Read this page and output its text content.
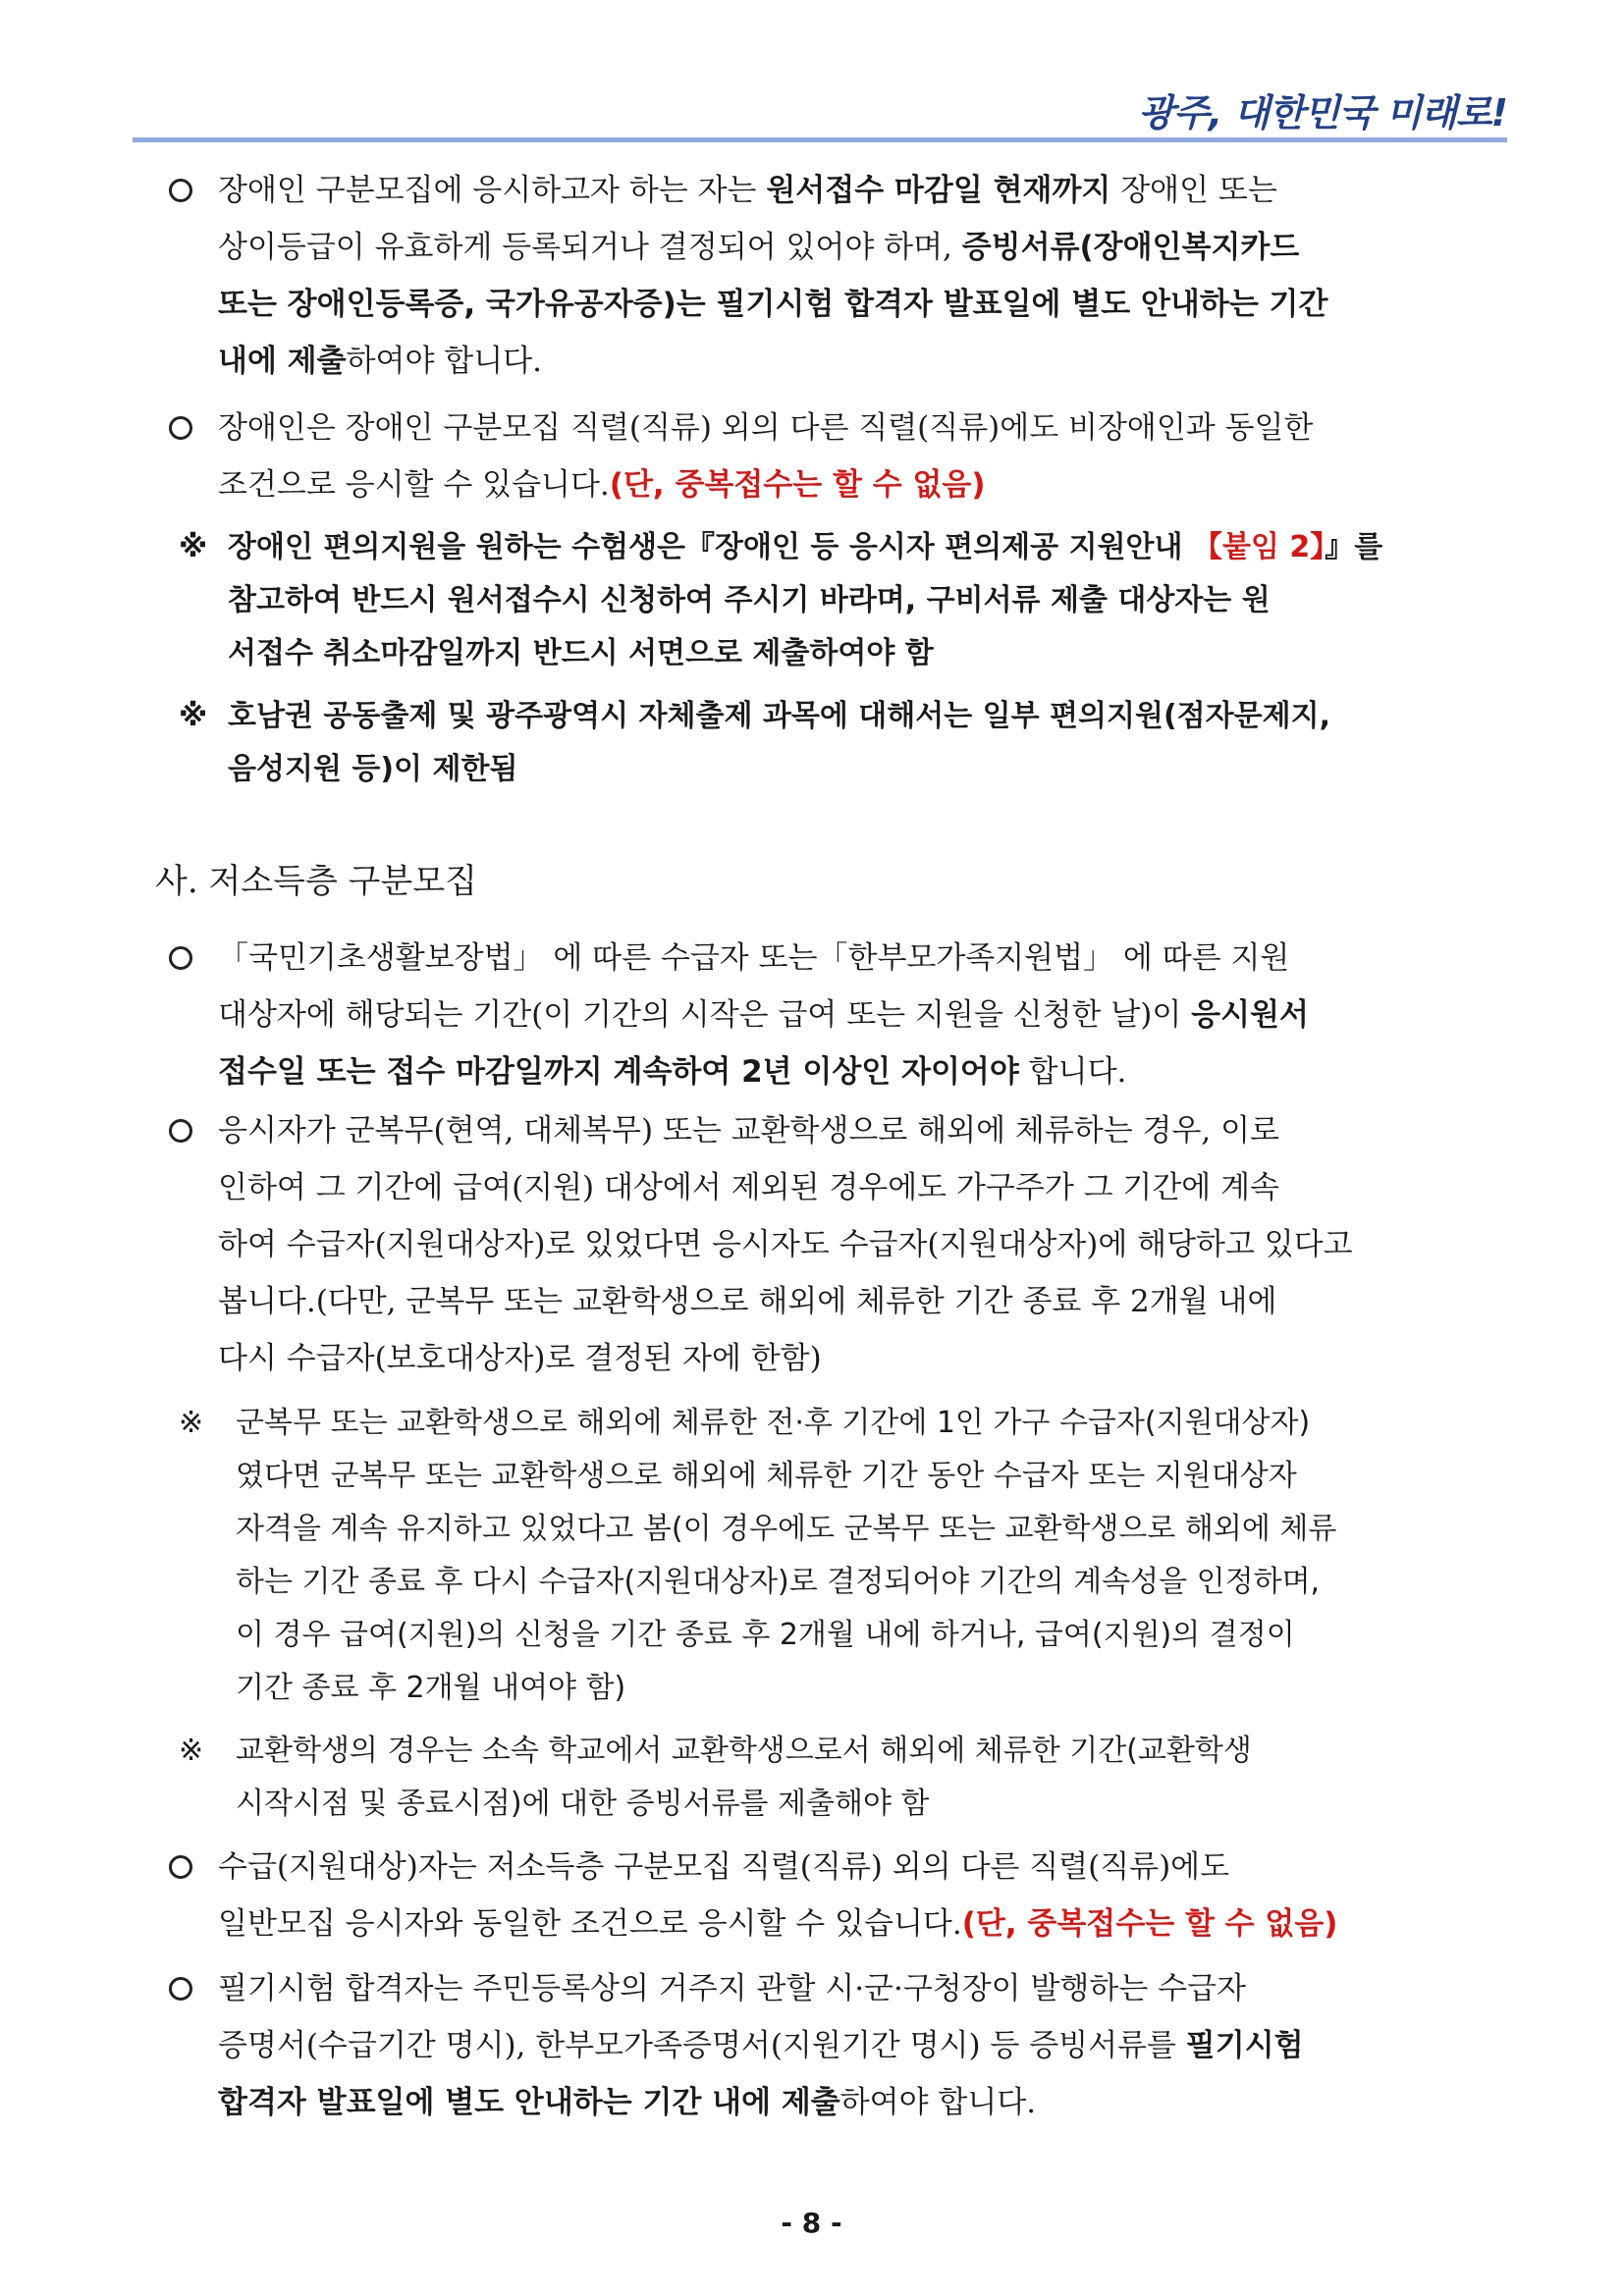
광주, 대한민국 미래로!
장애인 구분모집에 응시하고자 하는 자는 원서접수 마감일 현재까지 장애인 또는
상이등급이 유효하게 등록되거나 결정되어 있어야 하며, 증빙서류(장애인복지카드
또는 장애인등록증, 국가유공자증)는 필기시험 합격자 발표일에 별도 안내하는 기간
내에 제출하여야 합니다.
장애인은 장애인 구분모집 직렬(직류) 외의 다른 직렬(직류)에도 비장애인과 동일한
조건으로 응시할 수 있습니다.(단, 중복접수는 할 수 없음)
※ 장애인 편의지원을 원하는 수험생은『장애인 등 응시자 편의제공 지원안내 【붙임 2】』를
참고하여 반드시 원서접수시 신청하여 주시기 바라며, 구비서류 제출 대상자는 원
서접수 취소마감일까지 반드시 서면으로 제출하여야 함
※ 호남권 공동출제 및 광주광역시 자체출제 과목에 대해서는 일부 편의지원(점자문제지,
음성지원 등)이 제한됨
사. 저소득층 구분모집
「국민기초생활보장법」 에 따른 수급자 또는「한부모가족지원법」 에 따른 지원
대상자에 해당되는 기간(이 기간의 시작은 급여 또는 지원을 신청한 날)이 응시원서
접수일 또는 접수 마감일까지 계속하여 2년 이상인 자이어야 합니다.
응시자가 군복무(현역, 대체복무) 또는 교환학생으로 해외에 체류하는 경우, 이로
인하여 그 기간에 급여(지원) 대상에서 제외된 경우에도 가구주가 그 기간에 계속
하여 수급자(지원대상자)로 있었다면 응시자도 수급자(지원대상자)에 해당하고 있다고
봅니다.(다만, 군복무 또는 교환학생으로 해외에 체류한 기간 종료 후 2개월 내에
다시 수급자(보호대상자)로 결정된 자에 한함)
※ 군복무 또는 교환학생으로 해외에 체류한 전·후 기간에 1인 가구 수급자(지원대상자)
였다면 군복무 또는 교환학생으로 해외에 체류한 기간 동안 수급자 또는 지원대상자
자격을 계속 유지하고 있었다고 봄(이 경우에도 군복무 또는 교환학생으로 해외에 체류
하는 기간 종료 후 다시 수급자(지원대상자)로 결정되어야 기간의 계속성을 인정하며,
이 경우 급여(지원)의 신청을 기간 종료 후 2개월 내에 하거나, 급여(지원)의 결정이
기간 종료 후 2개월 내여야 함)
※ 교환학생의 경우는 소속 학교에서 교환학생으로서 해외에 체류한 기간(교환학생
시작시점 및 종료시점)에 대한 증빙서류를 제출해야 함
수급(지원대상)자는 저소득층 구분모집 직렬(직류) 외의 다른 직렬(직류)에도
일반모집 응시자와 동일한 조건으로 응시할 수 있습니다.(단, 중복접수는 할 수 없음)
필기시험 합격자는 주민등록상의 거주지 관할 시·군·구청장이 발행하는 수급자
증명서(수급기간 명시), 한부모가족증명서(지원기간 명시) 등 증빙서류를 필기시험
합격자 발표일에 별도 안내하는 기간 내에 제출하여야 합니다.
- 8 -
